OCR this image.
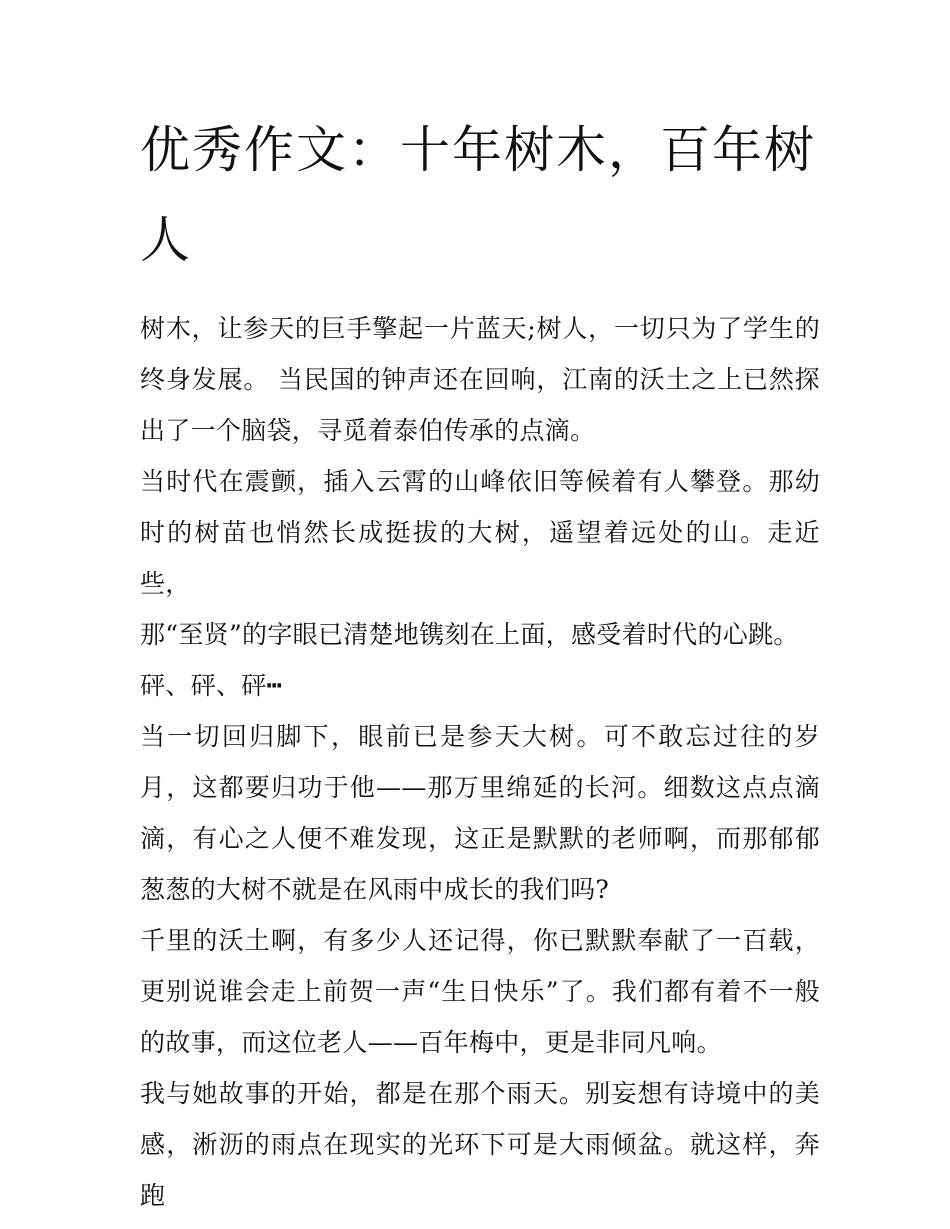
优秀作文：十年树木，百年树人

树木，让参天的巨手擎起一片蓝天;树人，一切只为了学生的终身发展。 当民国的钟声还在回响，江南的沃土之上已然探出了一个脑袋，寻觅着泰伯传承的点滴。

当时代在震颤，插入云霄的山峰依旧等候着有人攀登。那幼时的树苗也悄然长成挺拔的大树，遥望着远处的山。走近些，

那“至贤”的字眼已清楚地镌刻在上面，感受着时代的心跳。

砰、砰、砰┅

当一切回归脚下，眼前已是参天大树。可不敢忘过往的岁月，这都要归功于他——那万里绵延的长河。细数这点点滴滴，有心之人便不难发现，这正是默默的老师啊，而那郁郁葱葱的大树不就是在风雨中成长的我们吗?

千里的沃土啊，有多少人还记得，你已默默奉献了一百载，更别说谁会走上前贺一声“生日快乐”了。我们都有着不一般的故事，而这位老人——百年梅中，更是非同凡响。

我与她故事的开始，都是在那个雨天。别妄想有诗境中的美感，淅沥的雨点在现实的光环下可是大雨倾盆。就这样，奔跑
